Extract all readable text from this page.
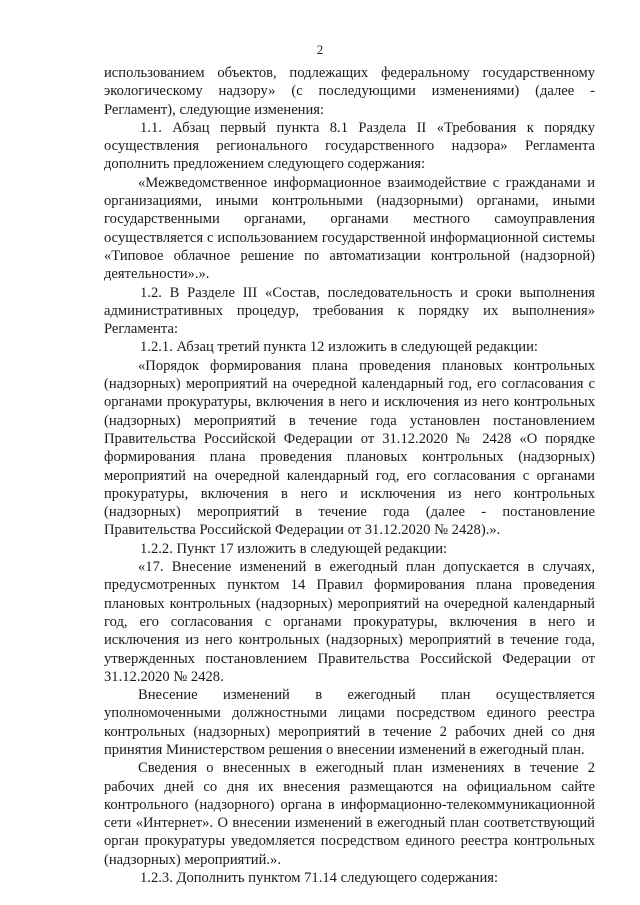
2

использованием объектов, подлежащих федеральному государственному экологическому надзору» (с последующими изменениями) (далее - Регламент), следующие изменения:

1.1. Абзац первый пункта 8.1 Раздела II «Требования к порядку осуществления регионального государственного надзора» Регламента дополнить предложением следующего содержания:

«Межведомственное информационное взаимодействие с гражданами и организациями, иными контрольными (надзорными) органами, иными государственными органами, органами местного самоуправления осуществляется с использованием государственной информационной системы «Типовое облачное решение по автоматизации контрольной (надзорной) деятельности».».

1.2. В Разделе III «Состав, последовательность и сроки выполнения административных процедур, требования к порядку их выполнения» Регламента:

1.2.1. Абзац третий пункта 12 изложить в следующей редакции:

«Порядок формирования плана проведения плановых контрольных (надзорных) мероприятий на очередной календарный год, его согласования с органами прокуратуры, включения в него и исключения из него контрольных (надзорных) мероприятий в течение года установлен постановлением Правительства Российской Федерации от 31.12.2020 № 2428 «О порядке формирования плана проведения плановых контрольных (надзорных) мероприятий на очередной календарный год, его согласования с органами прокуратуры, включения в него и исключения из него контрольных (надзорных) мероприятий в течение года (далее - постановление Правительства Российской Федерации от 31.12.2020 № 2428).».

1.2.2. Пункт 17 изложить в следующей редакции:

«17. Внесение изменений в ежегодный план допускается в случаях, предусмотренных пунктом 14 Правил формирования плана проведения плановых контрольных (надзорных) мероприятий на очередной календарный год, его согласования с органами прокуратуры, включения в него и исключения из него контрольных (надзорных) мероприятий в течение года, утвержденных постановлением Правительства Российской Федерации от 31.12.2020 № 2428.

Внесение изменений в ежегодный план осуществляется уполномоченными должностными лицами посредством единого реестра контрольных (надзорных) мероприятий в течение 2 рабочих дней со дня принятия Министерством решения о внесении изменений в ежегодный план.

Сведения о внесенных в ежегодный план изменениях в течение 2 рабочих дней со дня их внесения размещаются на официальном сайте контрольного (надзорного) органа в информационно-телекоммуникационной сети «Интернет». О внесении изменений в ежегодный план соответствующий орган прокуратуры уведомляется посредством единого реестра контрольных (надзорных) мероприятий.».

1.2.3. Дополнить пунктом 71.14 следующего содержания:
